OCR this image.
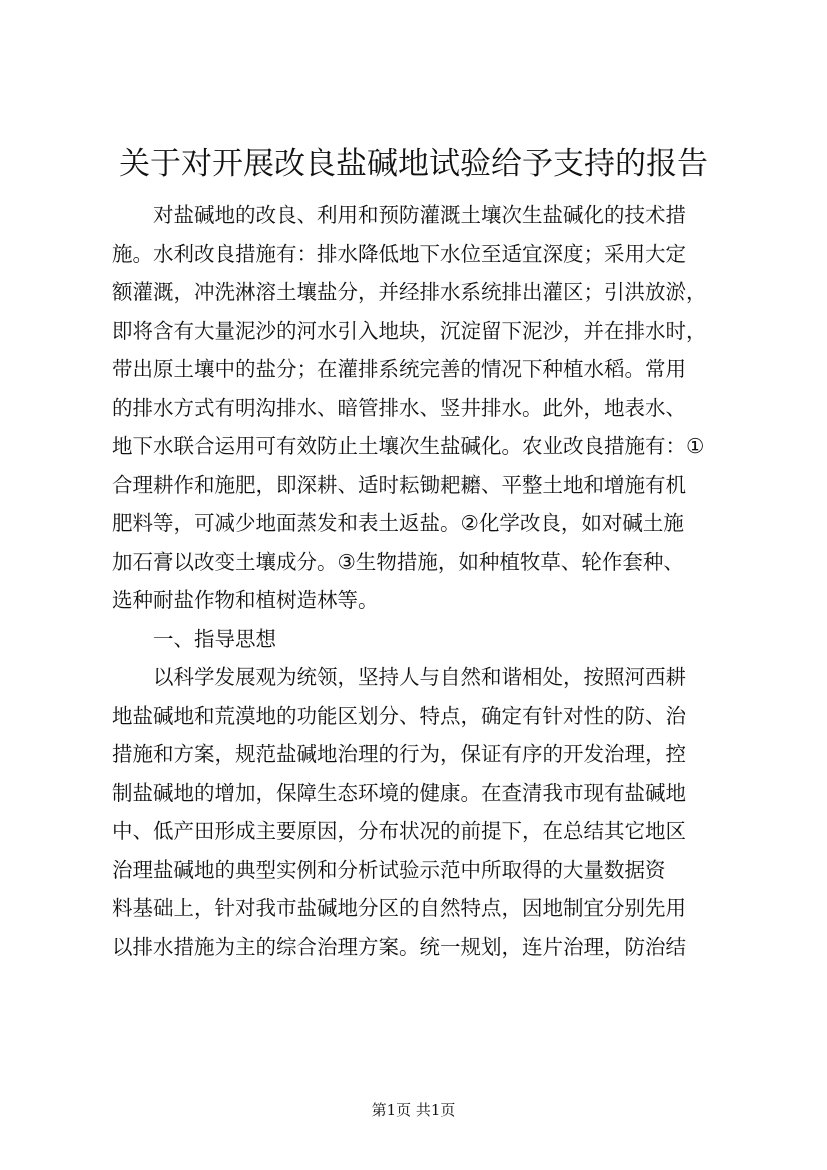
关于对开展改良盐碱地试验给予支持的报告
对盐碱地的改良、利用和预防灌溉土壤次生盐碱化的技术措
施。水利改良措施有：排水降低地下水位至适宜深度；采用大定
额灌溉，冲洗淋溶土壤盐分，并经排水系统排出灌区；引洪放淤，
即将含有大量泥沙的河水引入地块，沉淀留下泥沙，并在排水时，
带出原土壤中的盐分；在灌排系统完善的情况下种植水稻。常用
的排水方式有明沟排水、暗管排水、竖井排水。此外，地表水、
地下水联合运用可有效防止土壤次生盐碱化。农业改良措施有：①
合理耕作和施肥，即深耕、适时耘锄耙耱、平整土地和增施有机
肥料等，可减少地面蒸发和表土返盐。②化学改良，如对碱土施
加石膏以改变土壤成分。③生物措施，如种植牧草、轮作套种、
选种耐盐作物和植树造林等。
一、指导思想
以科学发展观为统领，坚持人与自然和谐相处，按照河西耕
地盐碱地和荒漠地的功能区划分、特点，确定有针对性的防、治
措施和方案，规范盐碱地治理的行为，保证有序的开发治理，控
制盐碱地的增加，保障生态环境的健康。在查清我市现有盐碱地
中、低产田形成主要原因，分布状况的前提下，在总结其它地区
治理盐碱地的典型实例和分析试验示范中所取得的大量数据资
料基础上，针对我市盐碱地分区的自然特点，因地制宜分别先用
以排水措施为主的综合治理方案。统一规划，连片治理，防治结
第1页 共1页
